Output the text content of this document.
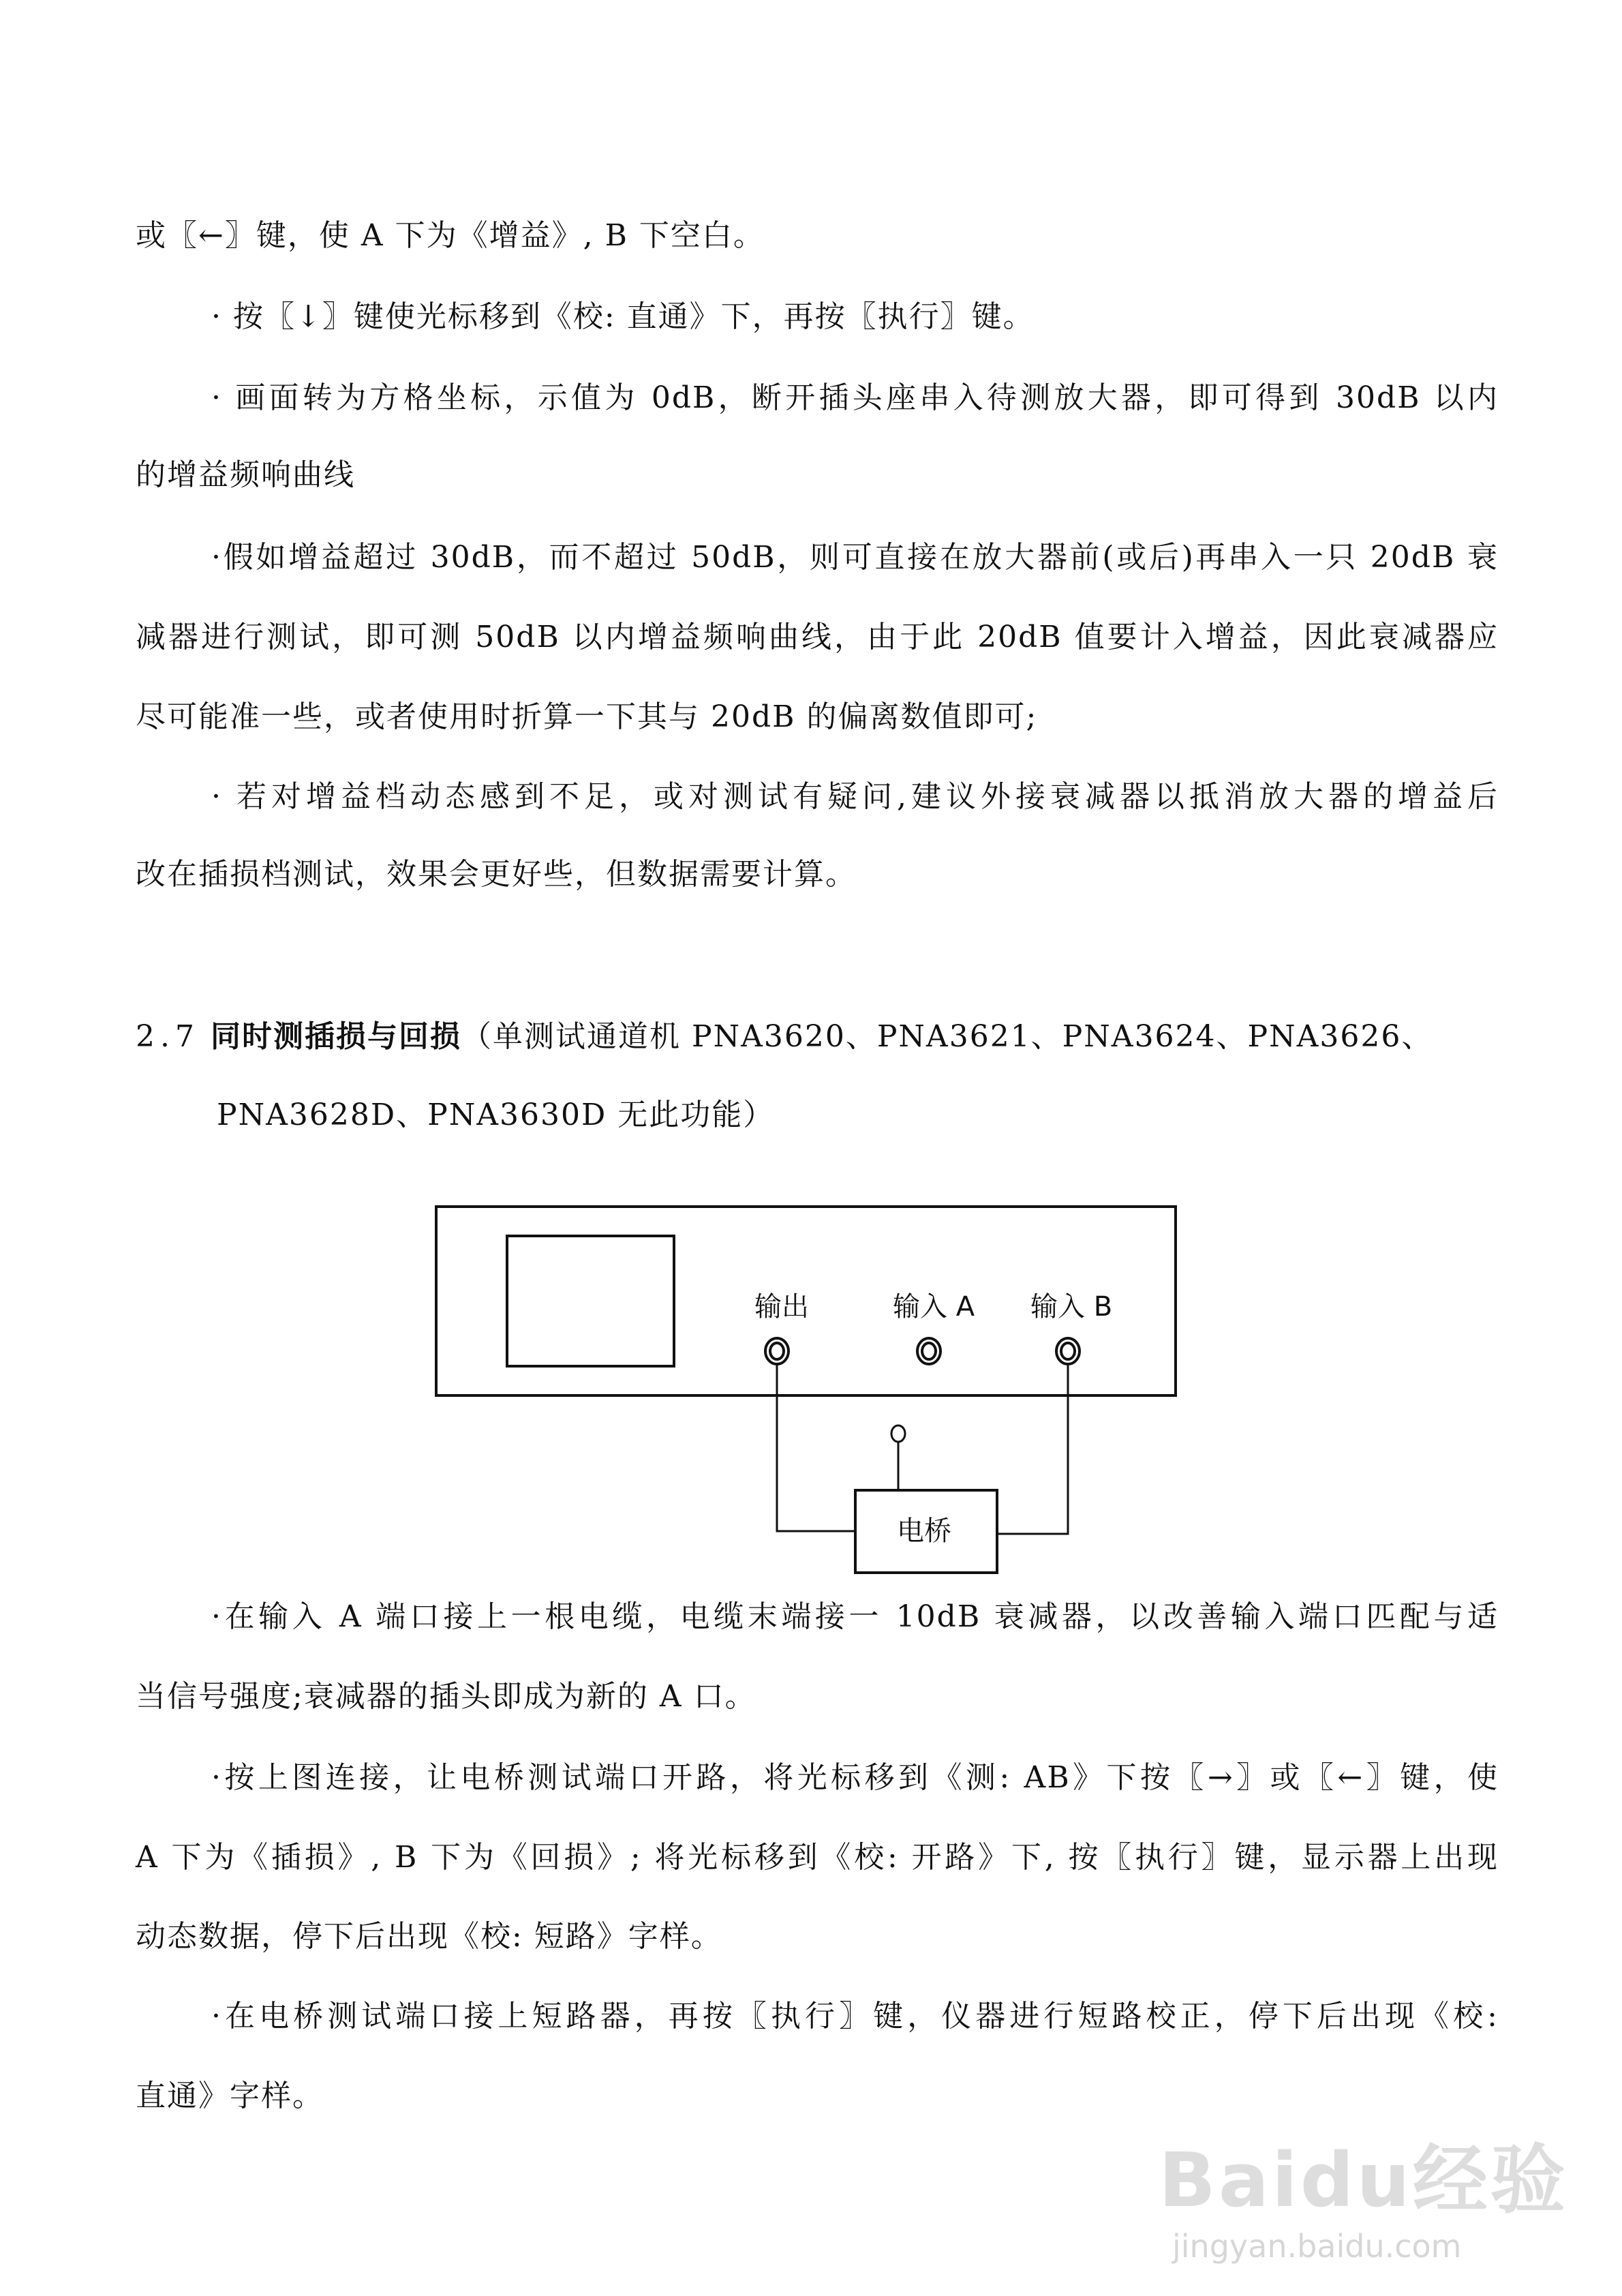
或〖←〗键，使 A 下为《增益》, B 下空白。
· 按〖↓〗键使光标移到《校: 直通》下，再按〖执行〗键。
· 画面转为方格坐标，示值为 0dB，断开插头座串入待测放大器，即可得到 30dB 以内
的增益频响曲线
·假如增益超过 30dB，而不超过 50dB，则可直接在放大器前(或后)再串入一只 20dB 衰
减器进行测试，即可测 50dB 以内增益频响曲线，由于此 20dB 值要计入增益，因此衰减器应
尽可能准一些，或者使用时折算一下其与 20dB 的偏离数值即可;
· 若对增益档动态感到不足，或对测试有疑问,建议外接衰减器以抵消放大器的增益后
改在插损档测试，效果会更好些，但数据需要计算。
2.7 同时测插损与回损（单测试通道机 PNA3620、PNA3621、PNA3624、PNA3626、
PNA3628D、PNA3630D 无此功能）
输出	输入 A 输入 B
电桥
·在输入 A 端口接上一根电缆，电缆末端接一 10dB 衰减器，以改善输入端口匹配与适
当信号强度;衰减器的插头即成为新的 A 口。
·按上图连接，让电桥测试端口开路，将光标移到《测: AB》下按〖→〗或〖←〗键，使
A 下为《插损》, B 下为《回损》; 将光标移到《校: 开路》下, 按〖执行〗键，显示器上出现
动态数据，停下后出现《校: 短路》字样。
·在电桥测试端口接上短路器，再按〖执行〗键，仪器进行短路校正，停下后出现《校:
直通》字样。
Baidu经验
jingyan.baidu.com
